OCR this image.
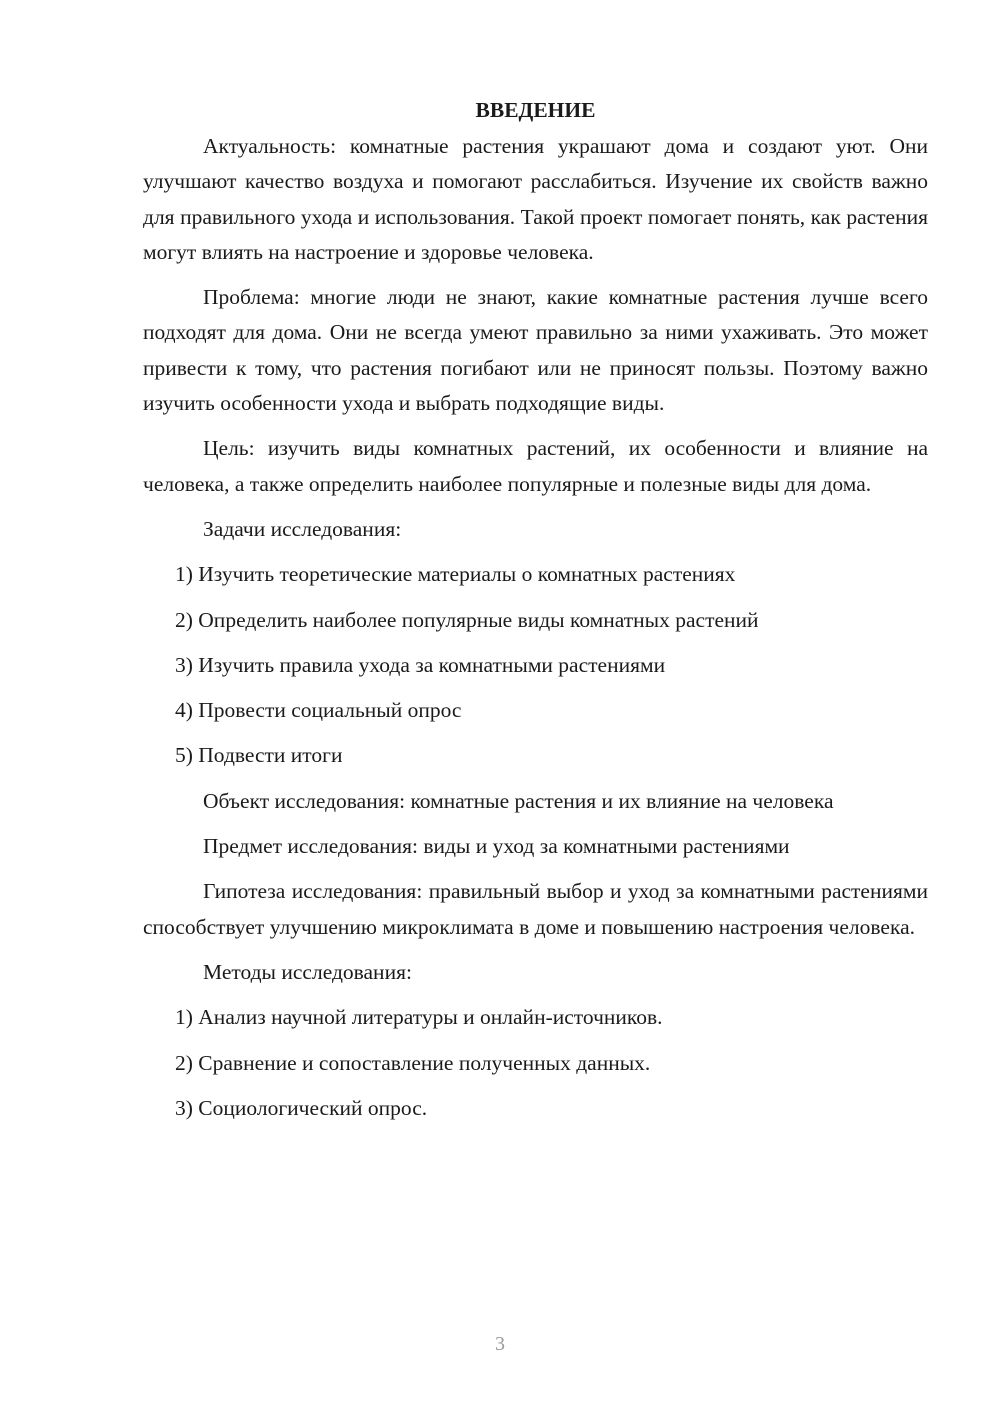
ВВЕДЕНИЕ

Актуальность: комнатные растения украшают дома и создают уют. Они улучшают качество воздуха и помогают расслабиться. Изучение их свойств важно для правильного ухода и использования. Такой проект помогает понять, как растения могут влиять на настроение и здоровье человека.

Проблема: многие люди не знают, какие комнатные растения лучше всего подходят для дома. Они не всегда умеют правильно за ними ухаживать. Это может привести к тому, что растения погибают или не приносят пользы. Поэтому важно изучить особенности ухода и выбрать подходящие виды.

Цель: изучить виды комнатных растений, их особенности и влияние на человека, а также определить наиболее популярные и полезные виды для дома.

Задачи исследования:

1) Изучить теоретические материалы о комнатных растениях
2) Определить наиболее популярные виды комнатных растений
3) Изучить правила ухода за комнатными растениями
4) Провести социальный опрос
5) Подвести итоги

Объект исследования: комнатные растения и их влияние на человека

Предмет исследования: виды и уход за комнатными растениями

Гипотеза исследования: правильный выбор и уход за комнатными растениями способствует улучшению микроклимата в доме и повышению настроения человека.

Методы исследования:

1) Анализ научной литературы и онлайн-источников.
2) Сравнение и сопоставление полученных данных.
3) Социологический опрос.
3
